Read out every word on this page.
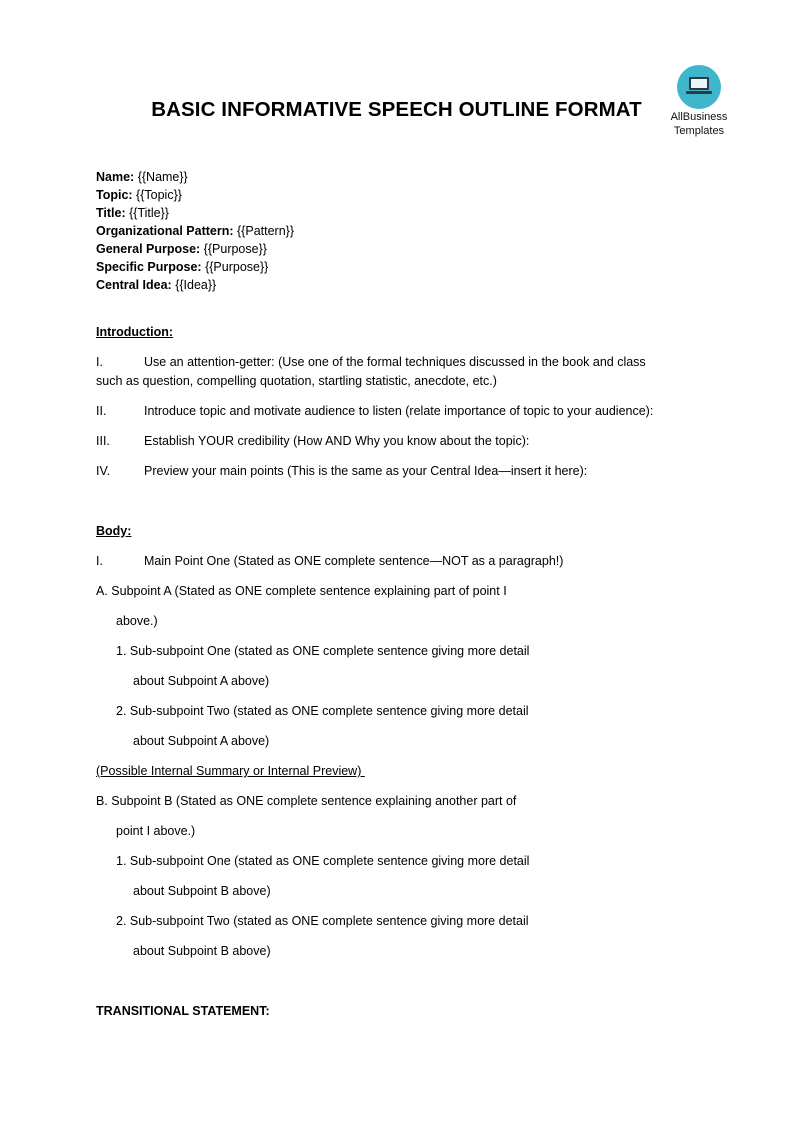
BASIC INFORMATIVE SPEECH OUTLINE FORMAT	AllBusiness
Templates
Name: {{Name}}
Topic: {{Topic}}
Title: {{Title}}
Organizational Pattern: {{Pattern}}
General Purpose: {{Purpose}}
Specific Purpose: {{Purpose}}
Central Idea: {{Idea}}
Introduction:
I.	Use an attention-getter: (Use one of the formal techniques discussed in the book and class
such as question, compelling quotation, startling statistic, anecdote, etc.)
II.	Introduce topic and motivate audience to listen (relate importance of topic to your audience):
III.	Establish YOUR credibility (How AND Why you know about the topic):
IV.	Preview your main points (This is the same as your Central Idea—insert it here):
Body:
I.	Main Point One (Stated as ONE complete sentence—NOT as a paragraph!)
A. Subpoint A (Stated as ONE complete sentence explaining part of point I
above.)
1. Sub-subpoint One (stated as ONE complete sentence giving more detail
about Subpoint A above)
2. Sub-subpoint Two (stated as ONE complete sentence giving more detail
about Subpoint A above)
(Possible Internal Summary or Internal Preview)
B. Subpoint B (Stated as ONE complete sentence explaining another part of
point I above.)
1. Sub-subpoint One (stated as ONE complete sentence giving more detail
about Subpoint B above)
2. Sub-subpoint Two (stated as ONE complete sentence giving more detail
about Subpoint B above)
TRANSITIONAL STATEMENT:
